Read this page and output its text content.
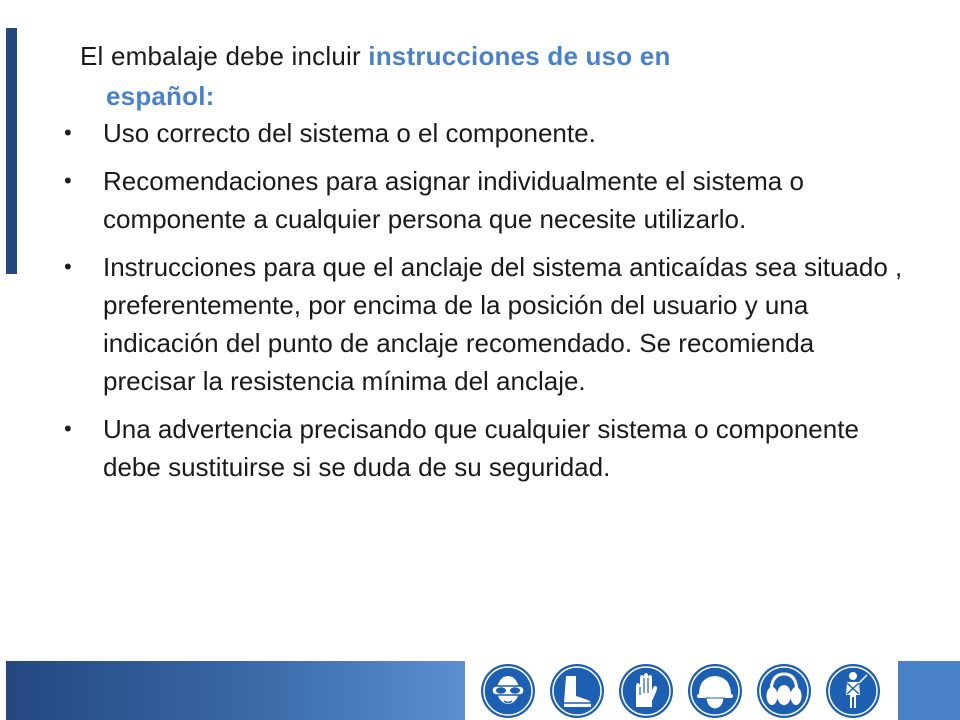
El embalaje debe incluir instrucciones de uso en
español:
• Uso correcto del sistema o el componente.
• Recomendaciones para asignar individualmente el sistema o componente a cualquier persona que necesite utilizarlo.
• Instrucciones para que el anclaje del sistema anticaídas sea situado , preferentemente, por encima de la posición del usuario y una indicación del punto de anclaje recomendado. Se recomienda precisar la resistencia mínima del anclaje.
• Una advertencia precisando que cualquier sistema o componente debe sustituirse si se duda de su seguridad.
